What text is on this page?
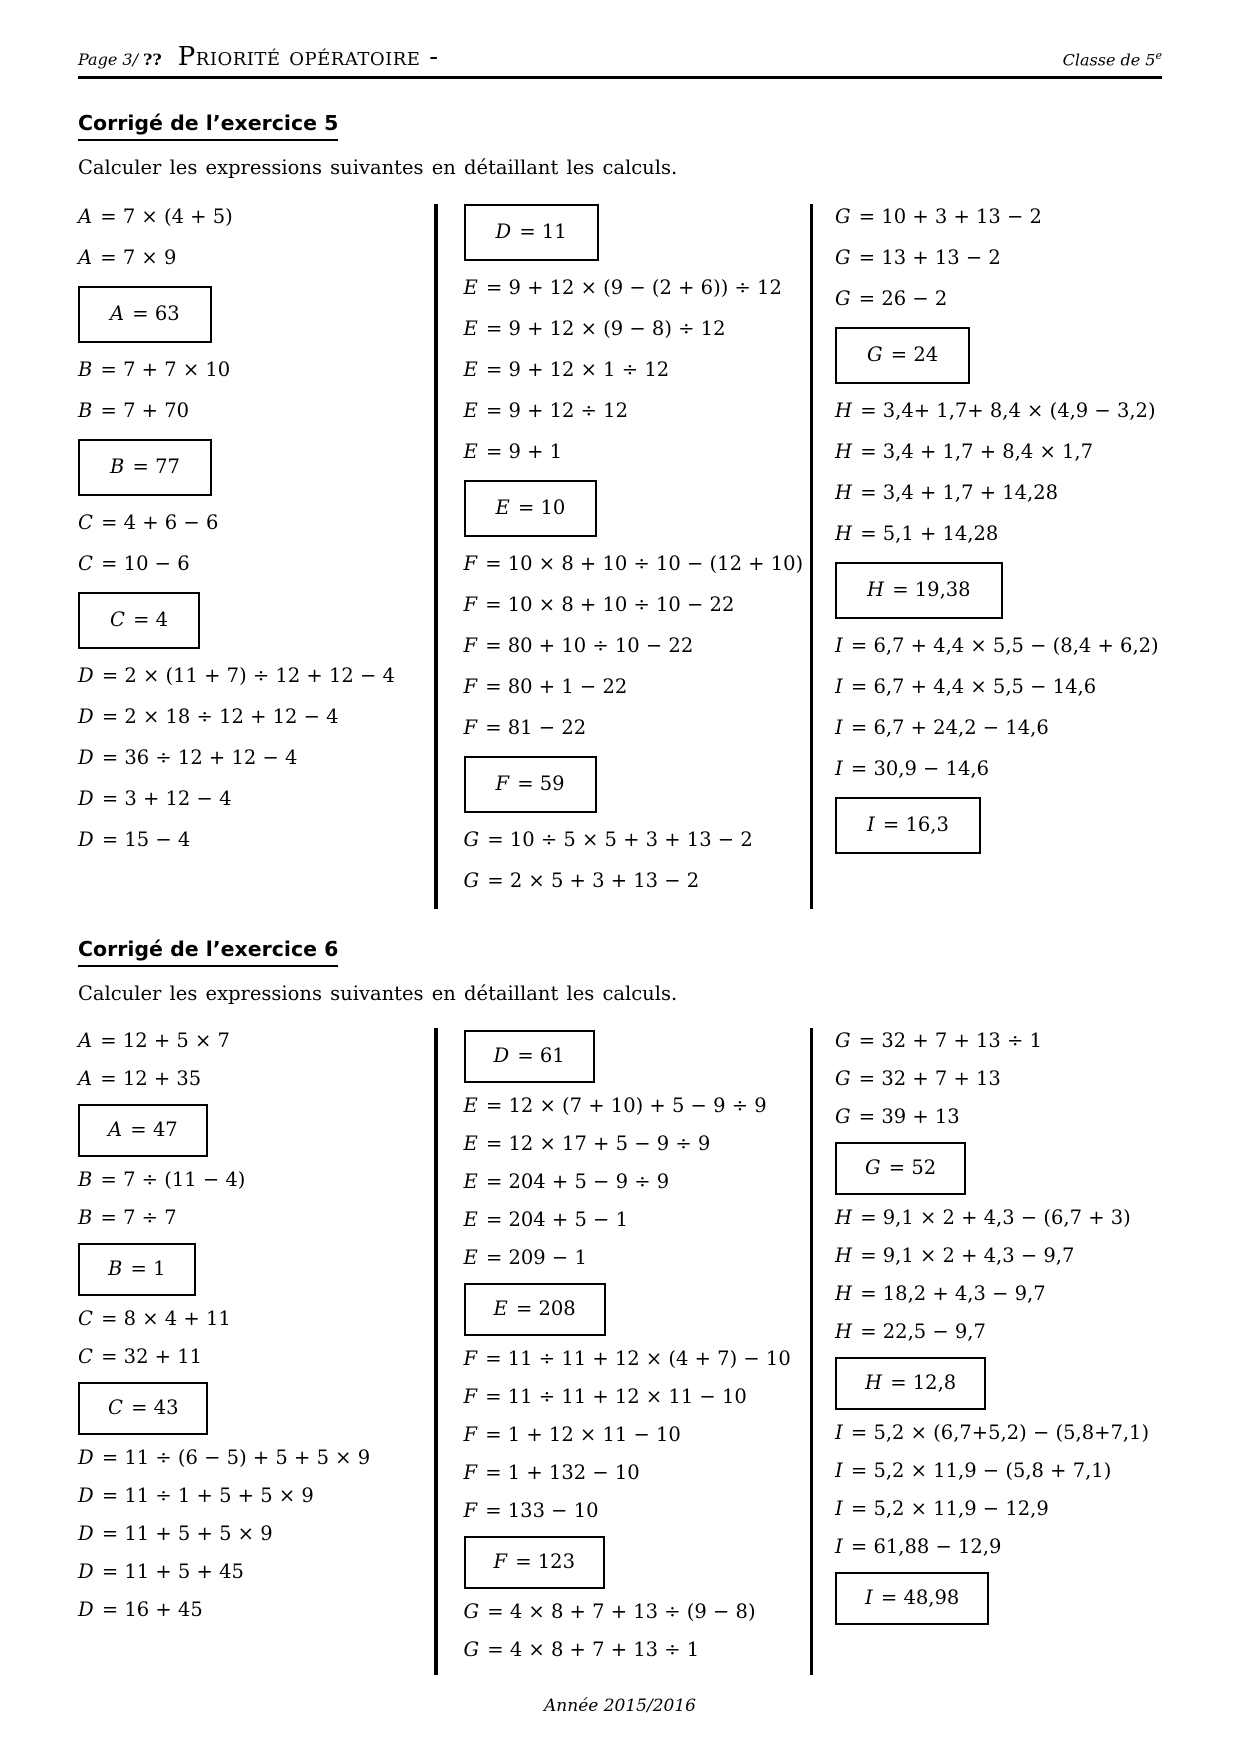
Page 3/ ?? Priorité opératoire -	Classe de 5e
Corrigé de l’exercice 5

Calculer les expressions suivantes en détaillant les calculs.

A = 7 × (4 + 5)
A = 7 × 9
A = 63
B = 7 + 7 × 10
B = 7 + 70
B = 77
C = 4 + 6 − 6
C = 10 − 6
C = 4
D = 2 × (11 + 7) ÷ 12 + 12 − 4
D = 2 × 18 ÷ 12 + 12 − 4
D = 36 ÷ 12 + 12 − 4
D = 3 + 12 − 4
D = 15 − 4
D = 11
E = 9 + 12 × (9 − (2 + 6)) ÷ 12
E = 9 + 12 × (9 − 8) ÷ 12
E = 9 + 12 × 1 ÷ 12
E = 9 + 12 ÷ 12
E = 9 + 1
E = 10
F = 10 × 8 + 10 ÷ 10 − (12 + 10)
F = 10 × 8 + 10 ÷ 10 − 22
F = 80 + 10 ÷ 10 − 22
F = 80 + 1 − 22
F = 81 − 22
F = 59
G = 10 ÷ 5 × 5 + 3 + 13 − 2
G = 2 × 5 + 3 + 13 − 2
G = 10 + 3 + 13 − 2
G = 13 + 13 − 2
G = 26 − 2
G = 24
H = 3,4+ 1,7+ 8,4 × (4,9 − 3,2)
H = 3,4 + 1,7 + 8,4 × 1,7
H = 3,4 + 1,7 + 14,28
H = 5,1 + 14,28
H = 19,38
I = 6,7 + 4,4 × 5,5 − (8,4 + 6,2)
I = 6,7 + 4,4 × 5,5 − 14,6
I = 6,7 + 24,2 − 14,6
I = 30,9 − 14,6
I = 16,3
Corrigé de l’exercice 6

Calculer les expressions suivantes en détaillant les calculs.

A = 12 + 5 × 7
A = 12 + 35
A = 47
B = 7 ÷ (11 − 4)
B = 7 ÷ 7
B = 1
C = 8 × 4 + 11
C = 32 + 11
C = 43
D = 11 ÷ (6 − 5) + 5 + 5 × 9
D = 11 ÷ 1 + 5 + 5 × 9
D = 11 + 5 + 5 × 9
D = 11 + 5 + 45
D = 16 + 45
D = 61
E = 12 × (7 + 10) + 5 − 9 ÷ 9
E = 12 × 17 + 5 − 9 ÷ 9
E = 204 + 5 − 9 ÷ 9
E = 204 + 5 − 1
E = 209 − 1
E = 208
F = 11 ÷ 11 + 12 × (4 + 7) − 10
F = 11 ÷ 11 + 12 × 11 − 10
F = 1 + 12 × 11 − 10
F = 1 + 132 − 10
F = 133 − 10
F = 123
G = 4 × 8 + 7 + 13 ÷ (9 − 8)
G = 4 × 8 + 7 + 13 ÷ 1
G = 32 + 7 + 13 ÷ 1
G = 32 + 7 + 13
G = 39 + 13
G = 52
H = 9,1 × 2 + 4,3 − (6,7 + 3)
H = 9,1 × 2 + 4,3 − 9,7
H = 18,2 + 4,3 − 9,7
H = 22,5 − 9,7
H = 12,8
I = 5,2 × (6,7+5,2) − (5,8+7,1)
I = 5,2 × 11,9 − (5,8 + 7,1)
I = 5,2 × 11,9 − 12,9
I = 61,88 − 12,9
I = 48,98
Année 2015/2016
